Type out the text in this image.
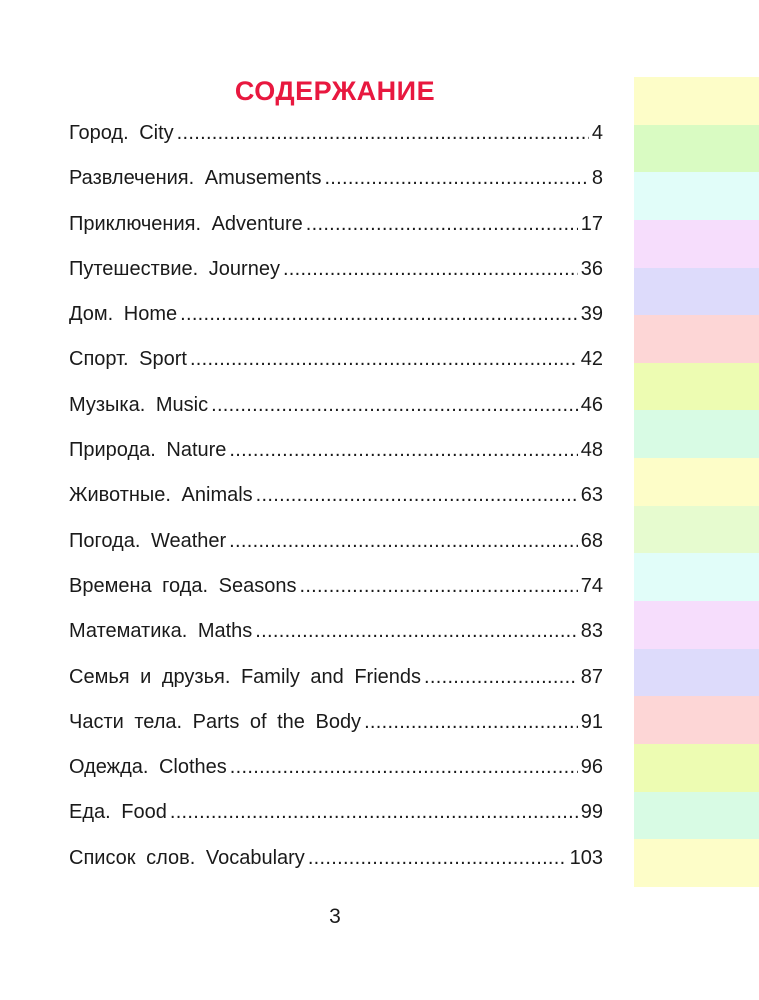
СОДЕРЖАНИЕ
Город. City .....	4
Развлечения. Amusements .....	8
Приключения. Adventure .....	17
Путешествие. Journey .....	36
Дом. Home .....	39
Спорт. Sport .....	42
Музыка. Music .....	46
Природа. Nature .....	48
Животные. Animals .....	63
Погода. Weather .....	68
Времена года. Seasons .....	74
Математика. Maths .....	83
Семья и друзья. Family and Friends .....	87
Части тела. Parts of the Body .....	91
Одежда. Clothes .....	96
Еда. Food .....	99
Список слов. Vocabulary .....	103
3
